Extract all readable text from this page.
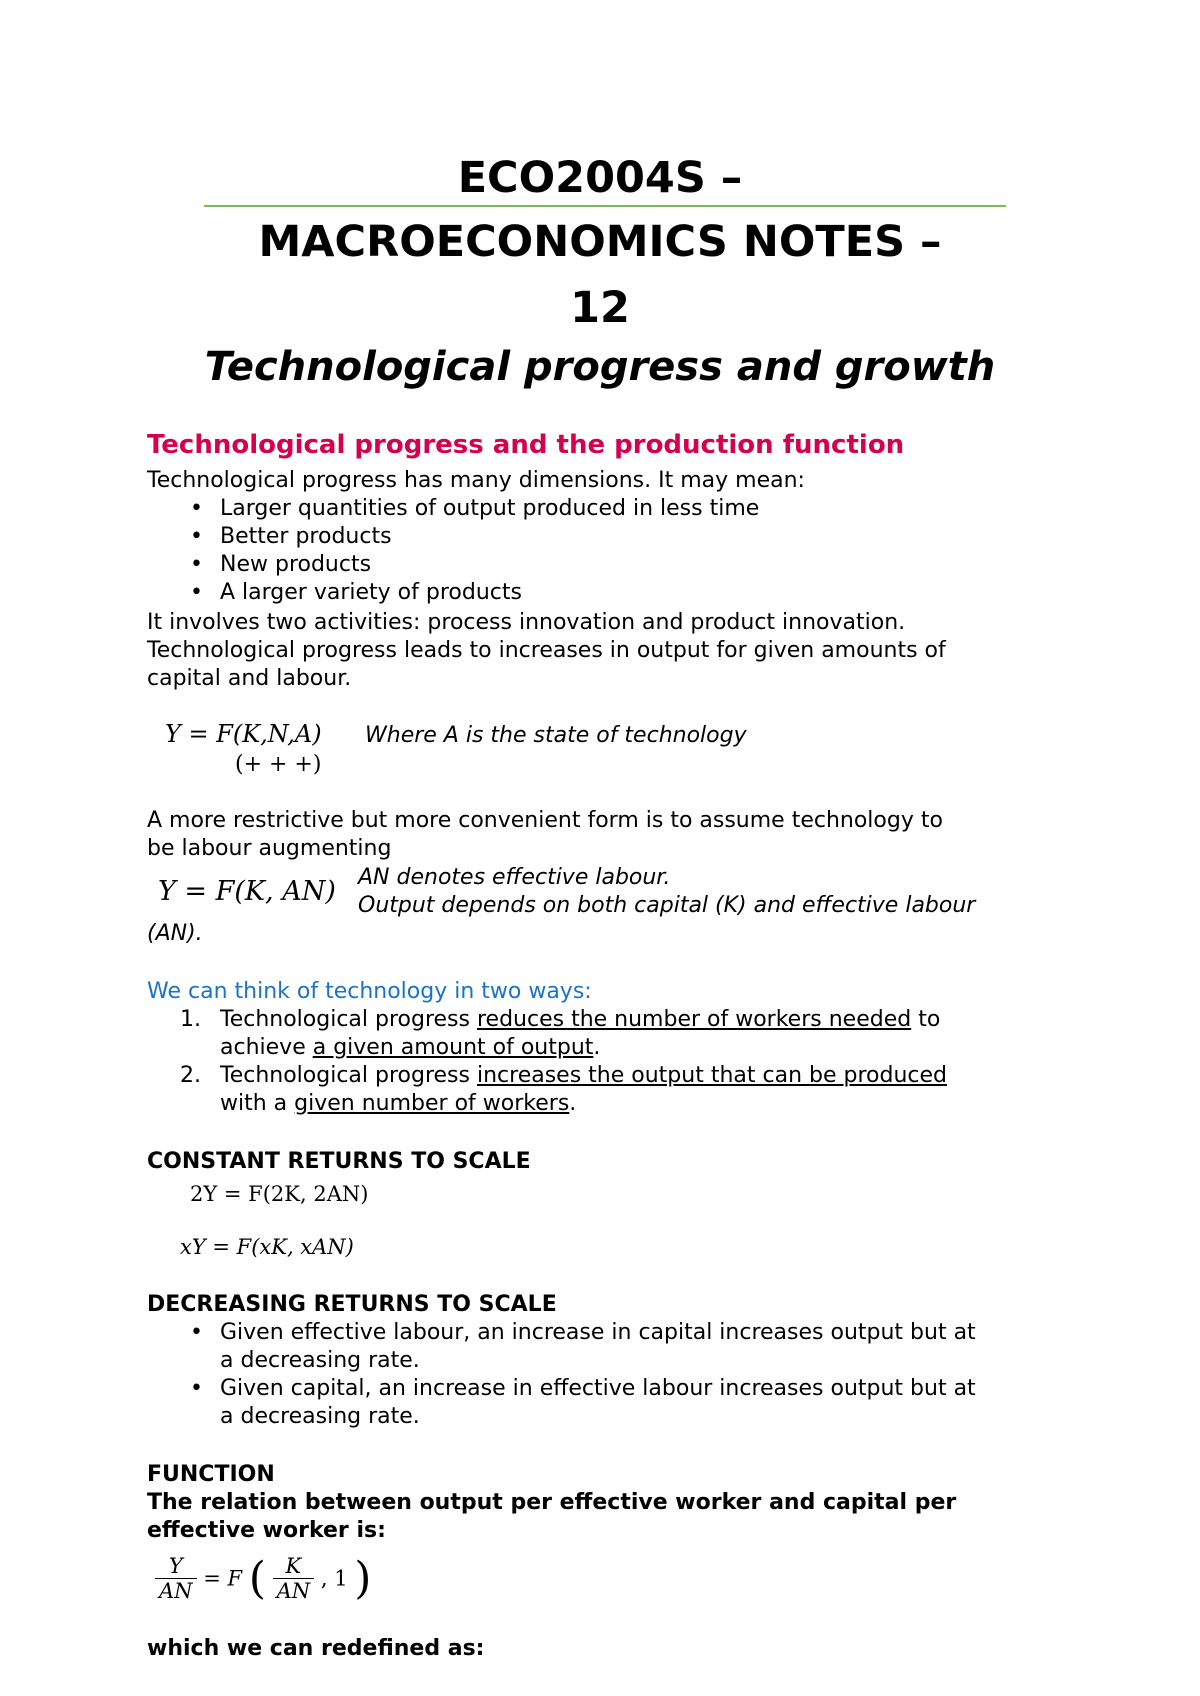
ECO2004S –
MACROECONOMICS NOTES –
12
Technological progress and growth
Technological progress and the production function
Technological progress has many dimensions. It may mean:
• Larger quantities of output produced in less time
• Better products
• New products
• A larger variety of products
It involves two activities: process innovation and product innovation.
Technological progress leads to increases in output for given amounts of
capital and labour.
Y = F(K,N,A)
(+ + +)
Where A is the state of technology
A more restrictive but more convenient form is to assume technology to
be labour augmenting
Y = F(K, AN) AN denotes effective labour.
Output depends on both capital (K) and effective labour
(AN).
We can think of technology in two ways:
1. Technological progress reduces the number of workers needed to
achieve a given amount of output.
2. Technological progress increases the output that can be produced
with a given number of workers.
CONSTANT RETURNS TO SCALE
2Y = F(2K, 2AN)
xY = F(xK, xAN)
DECREASING RETURNS TO SCALE
• Given effective labour, an increase in capital increases output but at
a decreasing rate.
• Given capital, an increase in effective labour increases output but at
a decreasing rate.
FUNCTION
The relation between output per effective worker and capital per
effective worker is:
$\frac{Y}{AN} = F$ ( $\frac{K}{AN}$ , 1 )
which we can redefined as:
